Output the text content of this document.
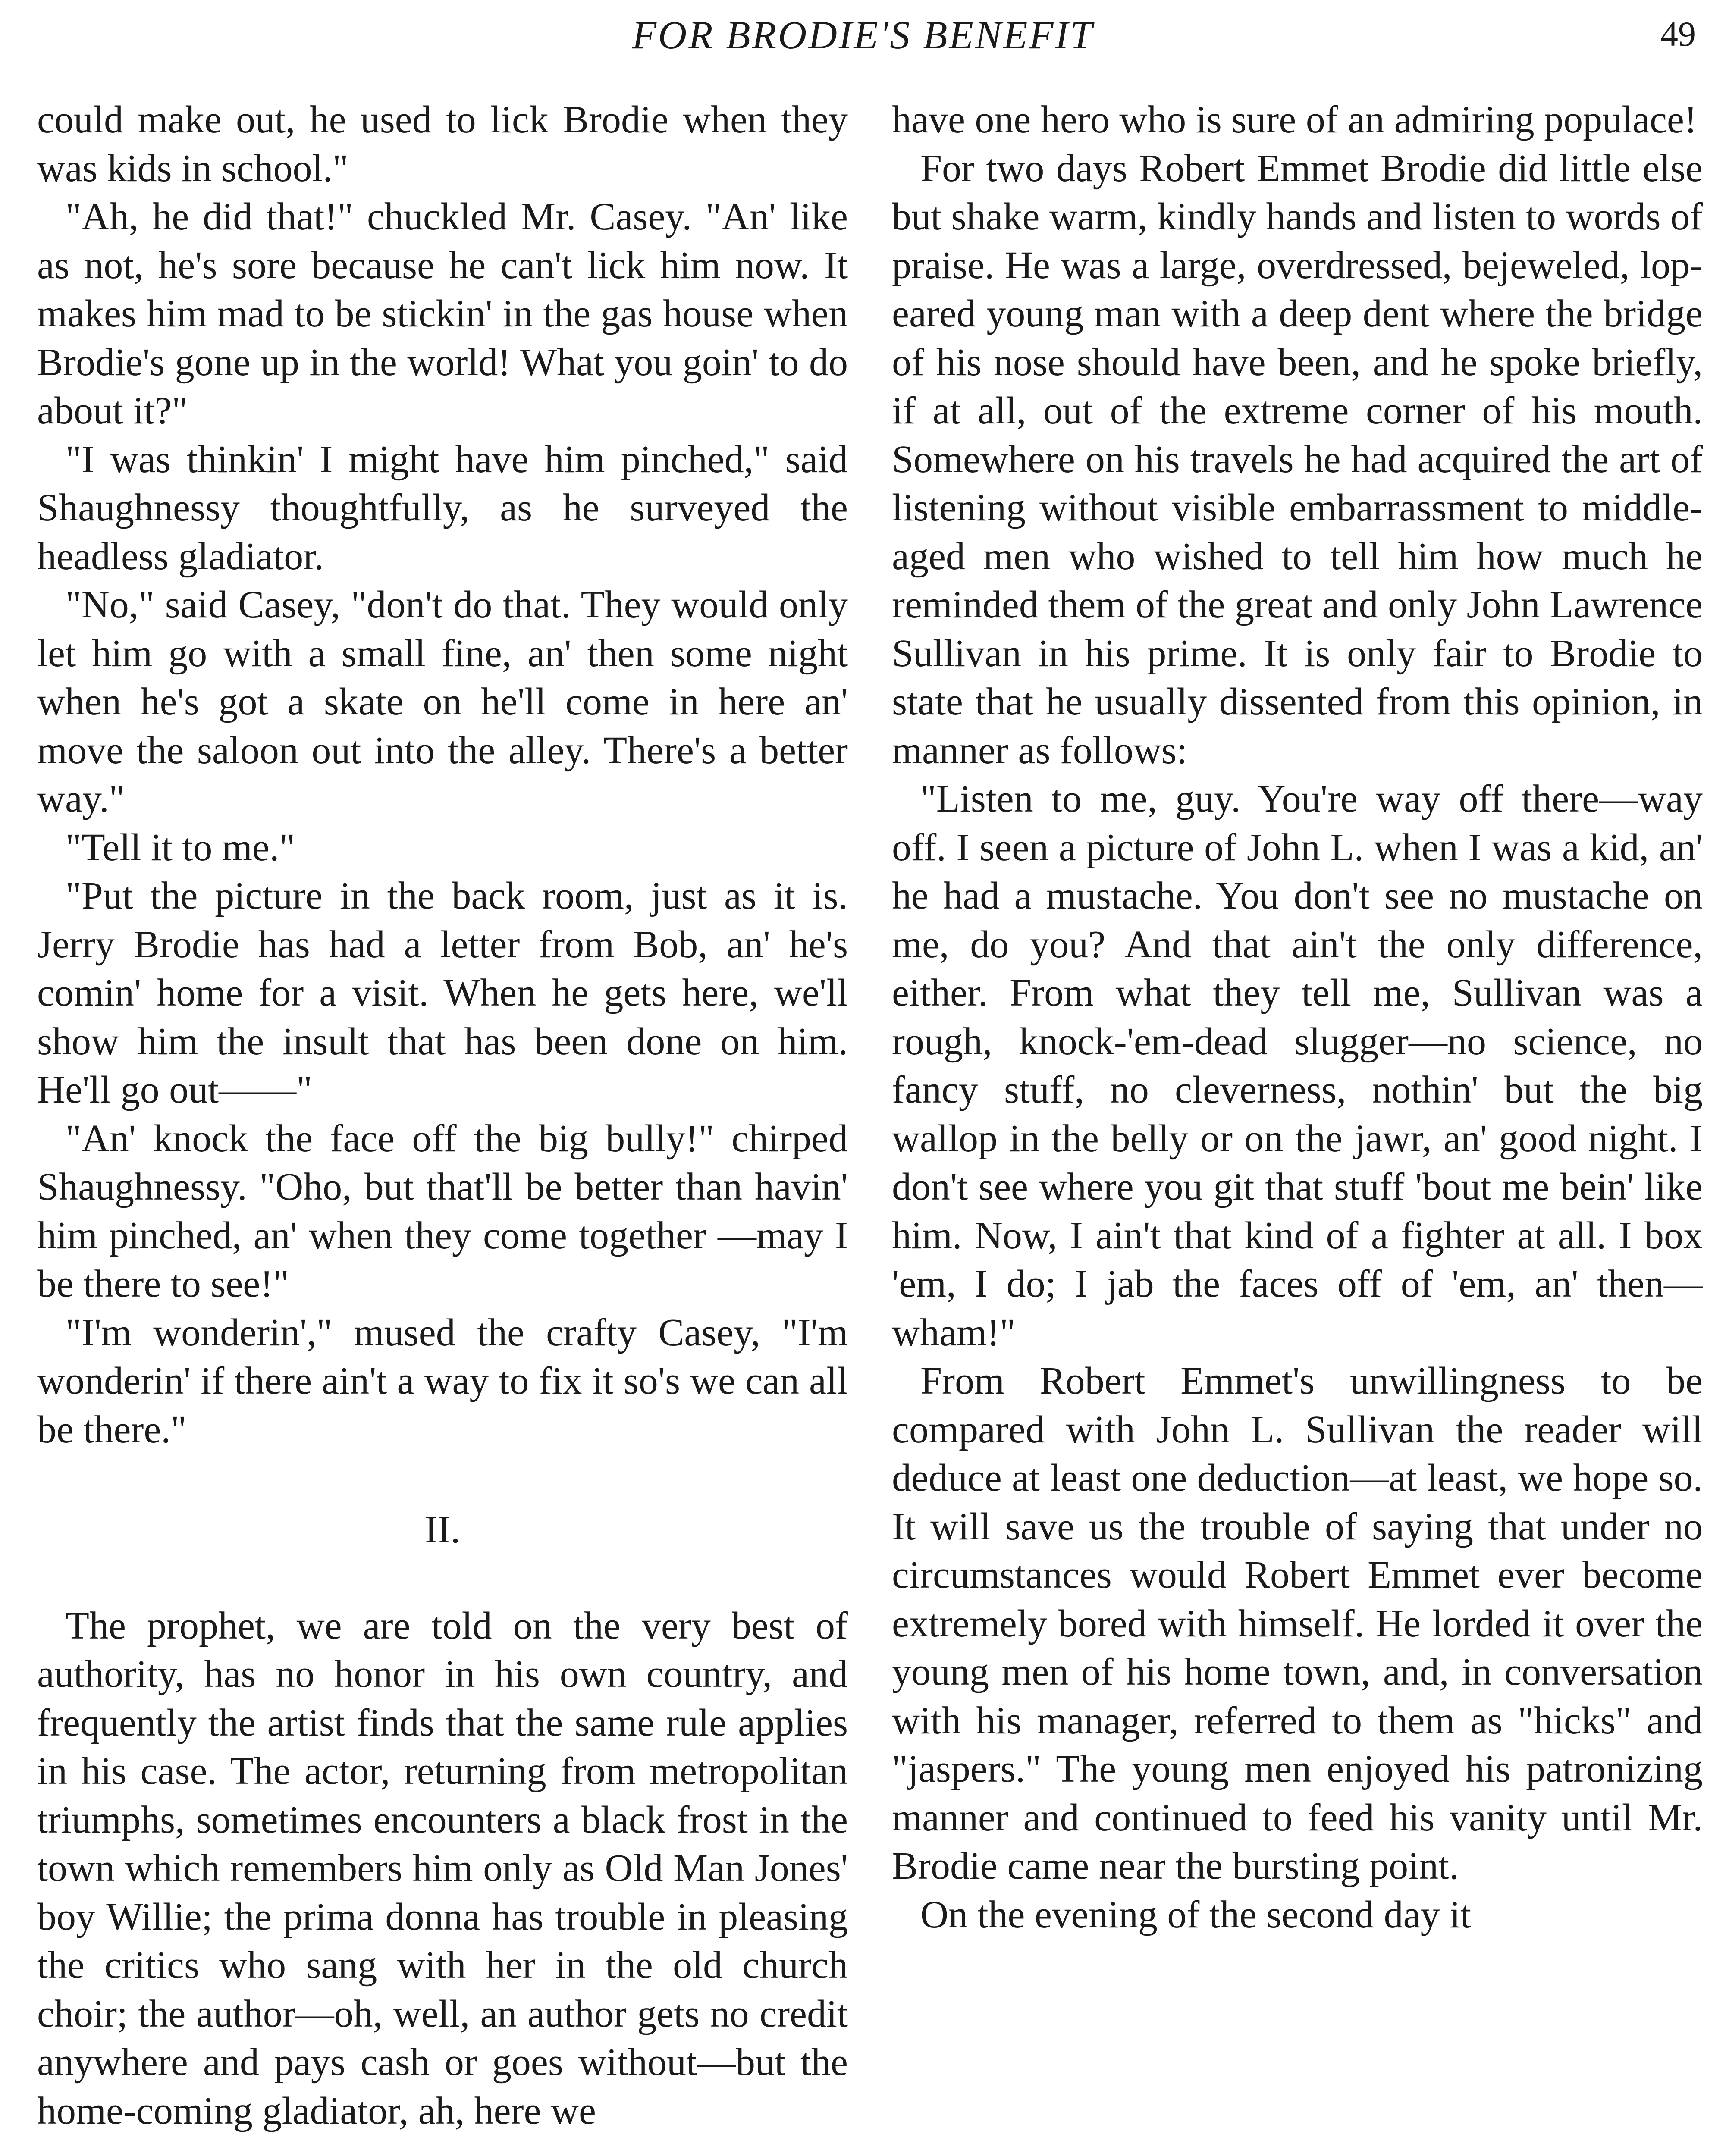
FOR BRODIE'S BENEFIT	49

could make out, he used to lick Brodie when they was kids in school."

"Ah, he did that!" chuckled Mr. Casey. "An' like as not, he's sore because he can't lick him now. It makes him mad to be stickin' in the gas house when Brodie's gone up in the world! What you goin' to do about it?"

"I was thinkin' I might have him pinched," said Shaughnessy thoughtfully, as he surveyed the headless gladiator.

"No," said Casey, "don't do that. They would only let him go with a small fine, an' then some night when he's got a skate on he'll come in here an' move the saloon out into the alley. There's a better way."

"Tell it to me."

"Put the picture in the back room, just as it is. Jerry Brodie has had a letter from Bob, an' he's comin' home for a visit. When he gets here, we'll show him the insult that has been done on him. He'll go out——"

"An' knock the face off the big bully!" chirped Shaughnessy. "Oho, but that'll be better than havin' him pinched, an' when they come together —may I be there to see!"

"I'm wonderin'," mused the crafty Casey, "I'm wonderin' if there ain't a way to fix it so's we can all be there."

II.

The prophet, we are told on the very best of authority, has no honor in his own country, and frequently the artist finds that the same rule applies in his case. The actor, returning from metropolitan triumphs, sometimes encounters a black frost in the town which remembers him only as Old Man Jones' boy Willie; the prima donna has trouble in pleasing the critics who sang with her in the old church choir; the author—oh, well, an author gets no credit anywhere and pays cash or goes without—but the home-coming gladiator, ah, here we

have one hero who is sure of an admiring populace!

For two days Robert Emmet Brodie did little else but shake warm, kindly hands and listen to words of praise. He was a large, overdressed, bejeweled, lop-eared young man with a deep dent where the bridge of his nose should have been, and he spoke briefly, if at all, out of the extreme corner of his mouth. Somewhere on his travels he had acquired the art of listening without visible embarrassment to middle-aged men who wished to tell him how much he reminded them of the great and only John Lawrence Sullivan in his prime. It is only fair to Brodie to state that he usually dissented from this opinion, in manner as follows:

"Listen to me, guy. You're way off there—way off. I seen a picture of John L. when I was a kid, an' he had a mustache. You don't see no mustache on me, do you? And that ain't the only difference, either. From what they tell me, Sullivan was a rough, knock-'em-dead slugger—no science, no fancy stuff, no cleverness, nothin' but the big wallop in the belly or on the jawr, an' good night. I don't see where you git that stuff 'bout me bein' like him. Now, I ain't that kind of a fighter at all. I box 'em, I do; I jab the faces off of 'em, an' then—wham!"

From Robert Emmet's unwillingness to be compared with John L. Sullivan the reader will deduce at least one deduction—at least, we hope so. It will save us the trouble of saying that under no circumstances would Robert Emmet ever become extremely bored with himself. He lorded it over the young men of his home town, and, in conversation with his manager, referred to them as "hicks" and "jaspers." The young men enjoyed his patronizing manner and continued to feed his vanity until Mr. Brodie came near the bursting point.

On the evening of the second day it
